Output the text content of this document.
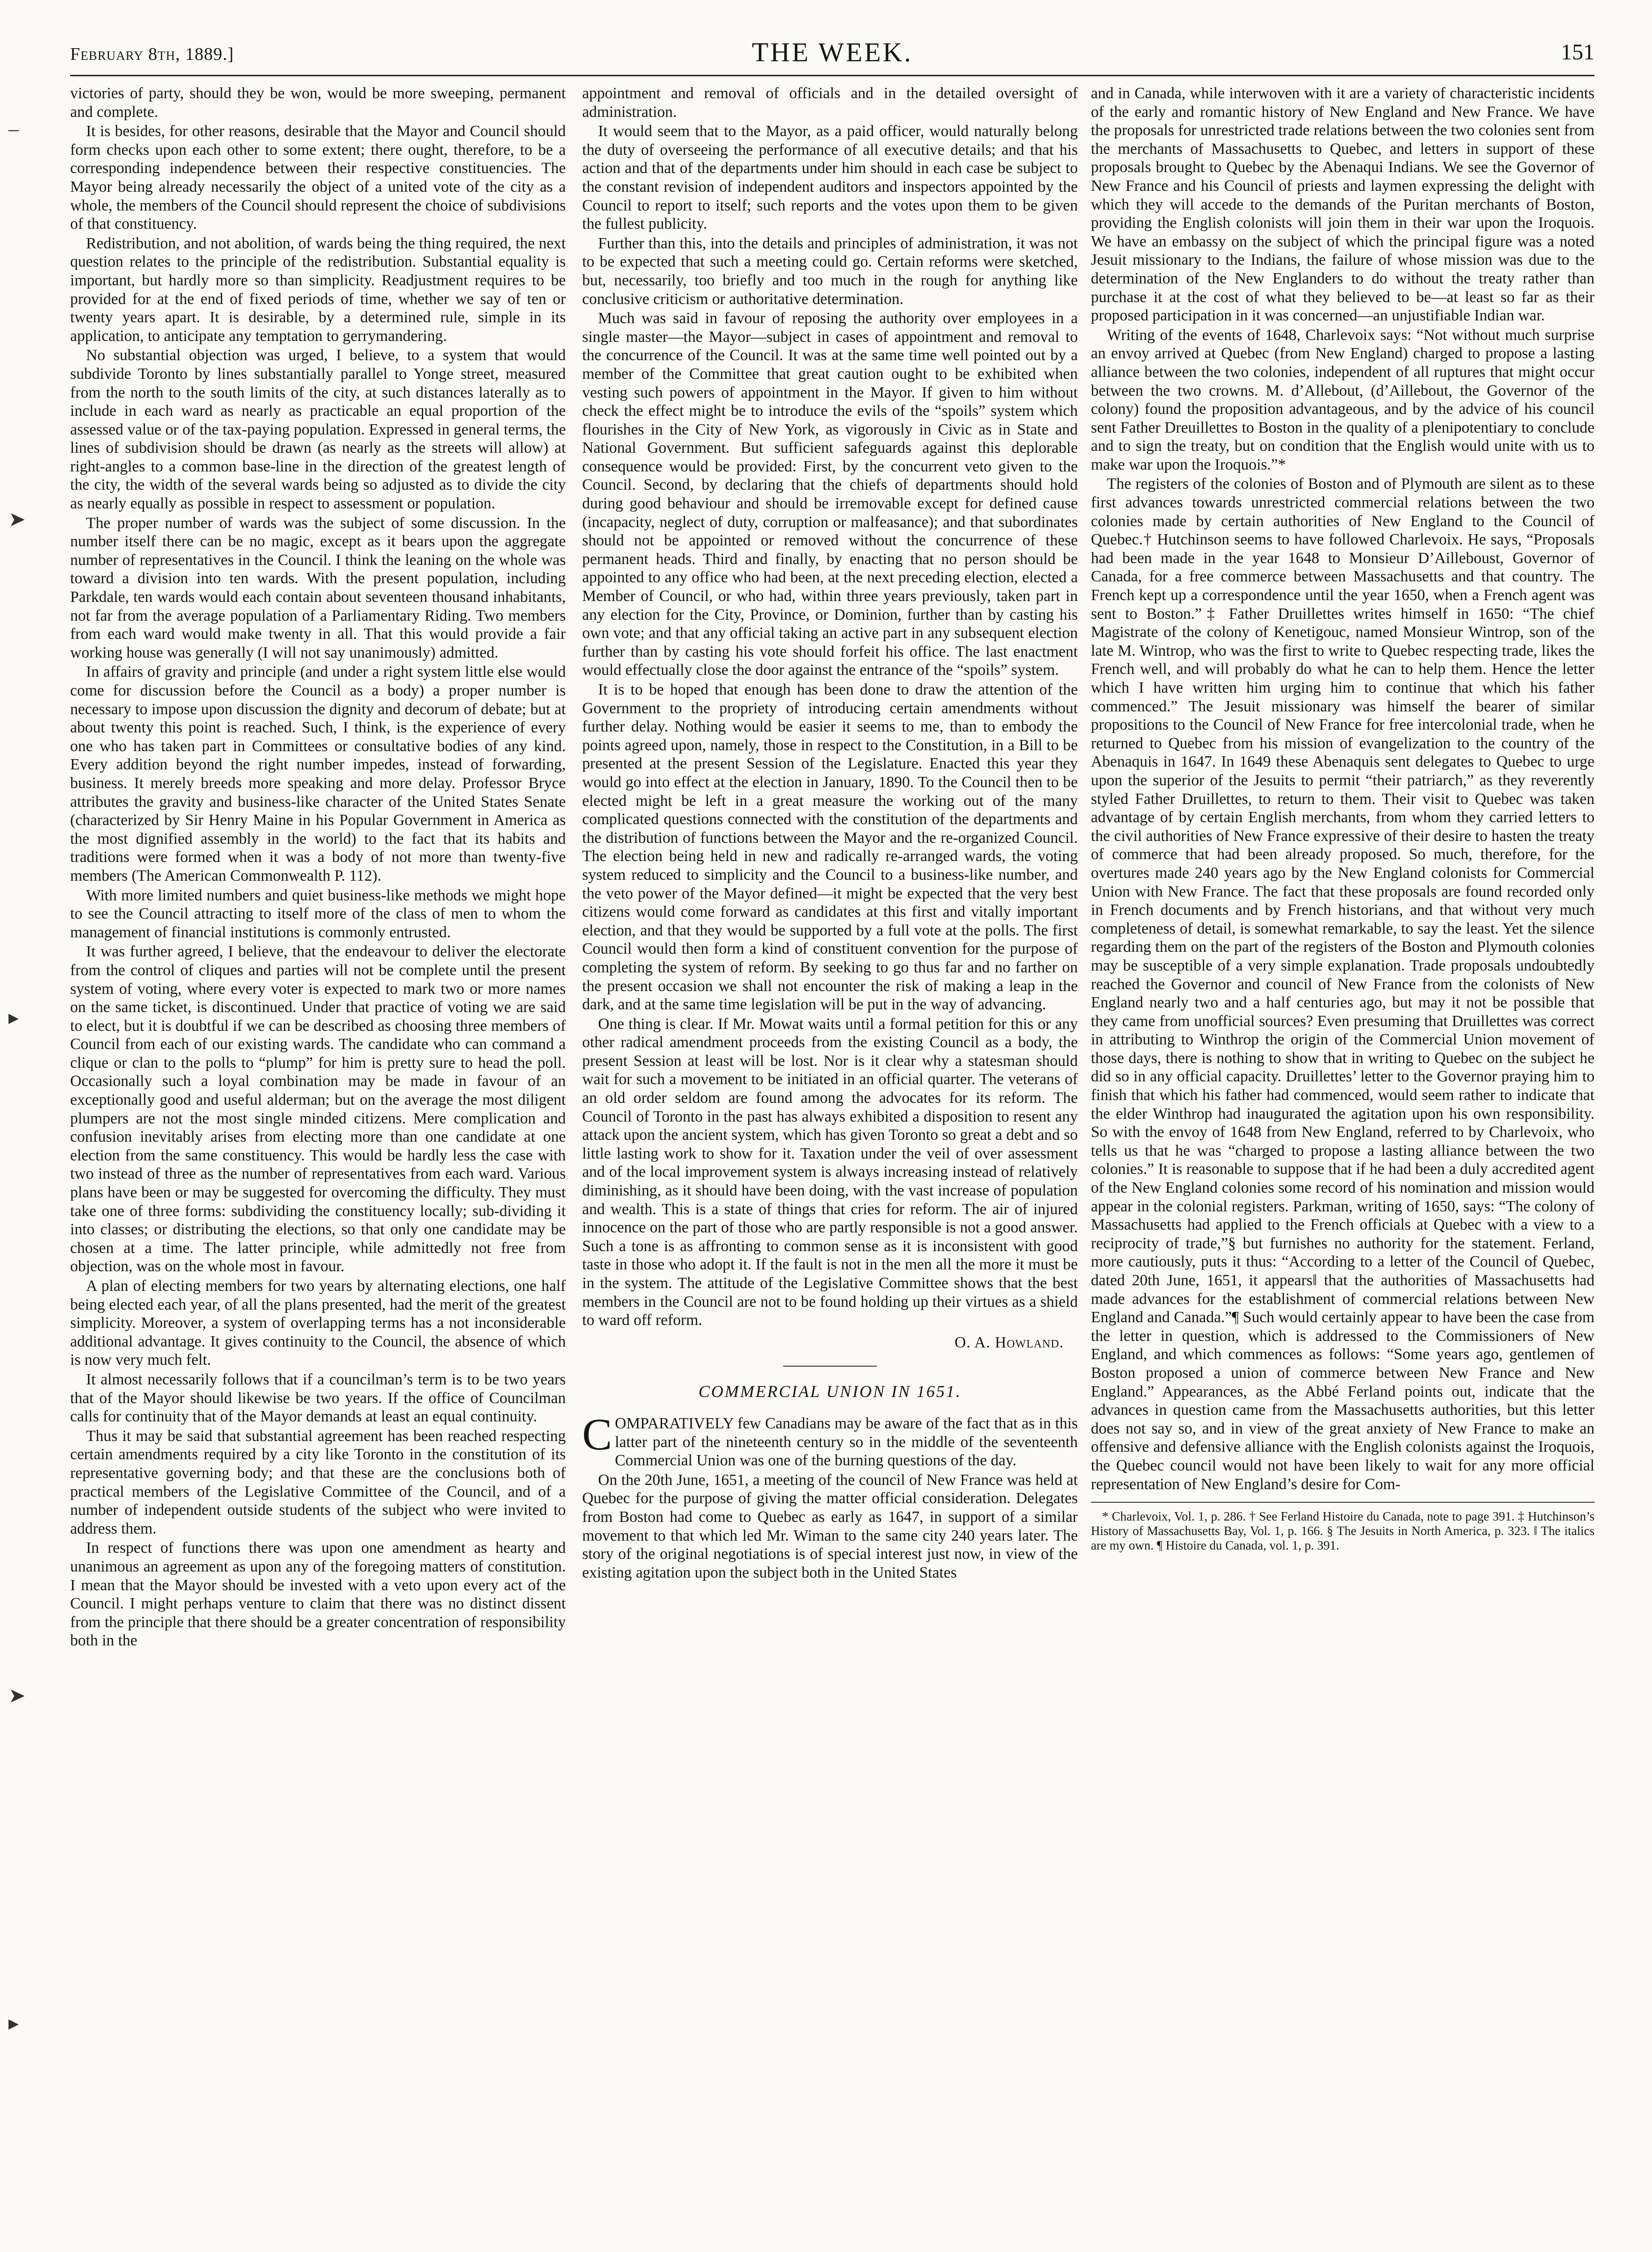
February 8th, 1889.]	THE WEEK.	151
–
➤
▸
➤
▸

victories of party, should they be won, would be more sweeping, permanent and complete.

It is besides, for other reasons, desirable that the Mayor and Council should form checks upon each other to some extent; there ought, therefore, to be a corresponding independence between their respective constituencies. The Mayor being already necessarily the object of a united vote of the city as a whole, the members of the Council should represent the choice of subdivisions of that constituency.

Redistribution, and not abolition, of wards being the thing required, the next question relates to the principle of the redistribution. Substantial equality is important, but hardly more so than simplicity. Readjustment requires to be provided for at the end of fixed periods of time, whether we say of ten or twenty years apart. It is desirable, by a determined rule, simple in its application, to anticipate any temptation to gerrymandering.

No substantial objection was urged, I believe, to a system that would subdivide Toronto by lines substantially parallel to Yonge street, measured from the north to the south limits of the city, at such distances laterally as to include in each ward as nearly as practicable an equal proportion of the assessed value or of the tax-paying population. Expressed in general terms, the lines of subdivision should be drawn (as nearly as the streets will allow) at right-angles to a common base-line in the direction of the greatest length of the city, the width of the several wards being so adjusted as to divide the city as nearly equally as possible in respect to assessment or population.

The proper number of wards was the subject of some discussion. In the number itself there can be no magic, except as it bears upon the aggregate number of representatives in the Council. I think the leaning on the whole was toward a division into ten wards. With the present population, including Parkdale, ten wards would each contain about seventeen thousand inhabitants, not far from the average population of a Parliamentary Riding. Two members from each ward would make twenty in all. That this would provide a fair working house was generally (I will not say unanimously) admitted.

In affairs of gravity and principle (and under a right system little else would come for discussion before the Council as a body) a proper number is necessary to impose upon discussion the dignity and decorum of debate; but at about twenty this point is reached. Such, I think, is the experience of every one who has taken part in Committees or consultative bodies of any kind. Every addition beyond the right number impedes, instead of forwarding, business. It merely breeds more speaking and more delay. Professor Bryce attributes the gravity and business-like character of the United States Senate (characterized by Sir Henry Maine in his Popular Government in America as the most dignified assembly in the world) to the fact that its habits and traditions were formed when it was a body of not more than twenty-five members (The American Commonwealth P. 112).

With more limited numbers and quiet business-like methods we might hope to see the Council attracting to itself more of the class of men to whom the management of financial institutions is commonly entrusted.

It was further agreed, I believe, that the endeavour to deliver the electorate from the control of cliques and parties will not be complete until the present system of voting, where every voter is expected to mark two or more names on the same ticket, is discontinued. Under that practice of voting we are said to elect, but it is doubtful if we can be described as choosing three members of Council from each of our existing wards. The candidate who can command a clique or clan to the polls to “plump” for him is pretty sure to head the poll. Occasionally such a loyal combination may be made in favour of an exceptionally good and useful alderman; but on the average the most diligent plumpers are not the most single minded citizens. Mere complication and confusion inevitably arises from electing more than one candidate at one election from the same constituency. This would be hardly less the case with two instead of three as the number of representatives from each ward. Various plans have been or may be suggested for overcoming the difficulty. They must take one of three forms: subdividing the constituency locally; sub-dividing it into classes; or distributing the elections, so that only one candidate may be chosen at a time. The latter principle, while admittedly not free from objection, was on the whole most in favour.

A plan of electing members for two years by alternating elections, one half being elected each year, of all the plans presented, had the merit of the greatest simplicity. Moreover, a system of overlapping terms has a not inconsiderable additional advantage. It gives continuity to the Council, the absence of which is now very much felt.

It almost necessarily follows that if a councilman’s term is to be two years that of the Mayor should likewise be two years. If the office of Councilman calls for continuity that of the Mayor demands at least an equal continuity.

Thus it may be said that substantial agreement has been reached respecting certain amendments required by a city like Toronto in the constitution of its representative governing body; and that these are the conclusions both of practical members of the Legislative Committee of the Council, and of a number of independent outside students of the subject who were invited to address them.

In respect of functions there was upon one amendment as hearty and unanimous an agreement as upon any of the foregoing matters of constitution. I mean that the Mayor should be invested with a veto upon every act of the Council. I might perhaps venture to claim that there was no distinct dissent from the principle that there should be a greater concentration of responsibility both in the

appointment and removal of officials and in the detailed oversight of administration.

It would seem that to the Mayor, as a paid officer, would naturally belong the duty of overseeing the performance of all executive details; and that his action and that of the departments under him should in each case be subject to the constant revision of independent auditors and inspectors appointed by the Council to report to itself; such reports and the votes upon them to be given the fullest publicity.

Further than this, into the details and principles of administration, it was not to be expected that such a meeting could go. Certain reforms were sketched, but, necessarily, too briefly and too much in the rough for anything like conclusive criticism or authoritative determination.

Much was said in favour of reposing the authority over employees in a single master—the Mayor—subject in cases of appointment and removal to the concurrence of the Council. It was at the same time well pointed out by a member of the Committee that great caution ought to be exhibited when vesting such powers of appointment in the Mayor. If given to him without check the effect might be to introduce the evils of the “spoils” system which flourishes in the City of New York, as vigorously in Civic as in State and National Government. But sufficient safeguards against this deplorable consequence would be provided: First, by the concurrent veto given to the Council. Second, by declaring that the chiefs of departments should hold during good behaviour and should be irremovable except for defined cause (incapacity, neglect of duty, corruption or malfeasance); and that subordinates should not be appointed or removed without the concurrence of these permanent heads. Third and finally, by enacting that no person should be appointed to any office who had been, at the next preceding election, elected a Member of Council, or who had, within three years previously, taken part in any election for the City, Province, or Dominion, further than by casting his own vote; and that any official taking an active part in any subsequent election further than by casting his vote should forfeit his office. The last enactment would effectually close the door against the entrance of the “spoils” system.

It is to be hoped that enough has been done to draw the attention of the Government to the propriety of introducing certain amendments without further delay. Nothing would be easier it seems to me, than to embody the points agreed upon, namely, those in respect to the Constitution, in a Bill to be presented at the present Session of the Legislature. Enacted this year they would go into effect at the election in January, 1890. To the Council then to be elected might be left in a great measure the working out of the many complicated questions connected with the constitution of the departments and the distribution of functions between the Mayor and the re-organized Council. The election being held in new and radically re-arranged wards, the voting system reduced to simplicity and the Council to a business-like number, and the veto power of the Mayor defined—it might be expected that the very best citizens would come forward as candidates at this first and vitally important election, and that they would be supported by a full vote at the polls. The first Council would then form a kind of constituent convention for the purpose of completing the system of reform. By seeking to go thus far and no farther on the present occasion we shall not encounter the risk of making a leap in the dark, and at the same time legislation will be put in the way of advancing.

One thing is clear. If Mr. Mowat waits until a formal petition for this or any other radical amendment proceeds from the existing Council as a body, the present Session at least will be lost. Nor is it clear why a statesman should wait for such a movement to be initiated in an official quarter. The veterans of an old order seldom are found among the advocates for its reform. The Council of Toronto in the past has always exhibited a disposition to resent any attack upon the ancient system, which has given Toronto so great a debt and so little lasting work to show for it. Taxation under the veil of over assessment and of the local improvement system is always increasing instead of relatively diminishing, as it should have been doing, with the vast increase of population and wealth. This is a state of things that cries for reform. The air of injured innocence on the part of those who are partly responsible is not a good answer. Such a tone is as affronting to common sense as it is inconsistent with good taste in those who adopt it. If the fault is not in the men all the more it must be in the system. The attitude of the Legislative Committee shows that the best members in the Council are not to be found holding up their virtues as a shield to ward off reform.

O. A. Howland.
COMMERCIAL UNION IN 1651.

COMPARATIVELY few Canadians may be aware of the fact that as in this latter part of the nineteenth century so in the middle of the seventeenth Commercial Union was one of the burning questions of the day.

On the 20th June, 1651, a meeting of the council of New France was held at Quebec for the purpose of giving the matter official consideration. Delegates from Boston had come to Quebec as early as 1647, in support of a similar movement to that which led Mr. Wiman to the same city 240 years later. The story of the original negotiations is of special interest just now, in view of the existing agitation upon the subject both in the United States

and in Canada, while interwoven with it are a variety of characteristic incidents of the early and romantic history of New England and New France. We have the proposals for unrestricted trade relations between the two colonies sent from the merchants of Massachusetts to Quebec, and letters in support of these proposals brought to Quebec by the Abenaqui Indians. We see the Governor of New France and his Council of priests and laymen expressing the delight with which they will accede to the demands of the Puritan merchants of Boston, providing the English colonists will join them in their war upon the Iroquois. We have an embassy on the subject of which the principal figure was a noted Jesuit missionary to the Indians, the failure of whose mission was due to the determination of the New Englanders to do without the treaty rather than purchase it at the cost of what they believed to be—at least so far as their proposed participation in it was concerned—an unjustifiable Indian war.

Writing of the events of 1648, Charlevoix says: “Not without much surprise an envoy arrived at Quebec (from New England) charged to propose a lasting alliance between the two colonies, independent of all ruptures that might occur between the two crowns. M. d’Allebout, (d’Aillebout, the Governor of the colony) found the proposition advantageous, and by the advice of his council sent Father Dreuillettes to Boston in the quality of a plenipotentiary to conclude and to sign the treaty, but on condition that the English would unite with us to make war upon the Iroquois.”*

The registers of the colonies of Boston and of Plymouth are silent as to these first advances towards unrestricted commercial relations between the two colonies made by certain authorities of New England to the Council of Quebec.† Hutchinson seems to have followed Charlevoix. He says, “Proposals had been made in the year 1648 to Monsieur D’Ailleboust, Governor of Canada, for a free commerce between Massachusetts and that country. The French kept up a correspondence until the year 1650, when a French agent was sent to Boston.”‡ Father Druillettes writes himself in 1650: “The chief Magistrate of the colony of Kenetigouc, named Monsieur Wintrop, son of the late M. Wintrop, who was the first to write to Quebec respecting trade, likes the French well, and will probably do what he can to help them. Hence the letter which I have written him urging him to continue that which his father commenced.” The Jesuit missionary was himself the bearer of similar propositions to the Council of New France for free intercolonial trade, when he returned to Quebec from his mission of evangelization to the country of the Abenaquis in 1647. In 1649 these Abenaquis sent delegates to Quebec to urge upon the superior of the Jesuits to permit “their patriarch,” as they reverently styled Father Druillettes, to return to them. Their visit to Quebec was taken advantage of by certain English merchants, from whom they carried letters to the civil authorities of New France expressive of their desire to hasten the treaty of commerce that had been already proposed. So much, therefore, for the overtures made 240 years ago by the New England colonists for Commercial Union with New France. The fact that these proposals are found recorded only in French documents and by French historians, and that without very much completeness of detail, is somewhat remarkable, to say the least. Yet the silence regarding them on the part of the registers of the Boston and Plymouth colonies may be susceptible of a very simple explanation. Trade proposals undoubtedly reached the Governor and council of New France from the colonists of New England nearly two and a half centuries ago, but may it not be possible that they came from unofficial sources? Even presuming that Druillettes was correct in attributing to Winthrop the origin of the Commercial Union movement of those days, there is nothing to show that in writing to Quebec on the subject he did so in any official capacity. Druillettes’ letter to the Governor praying him to finish that which his father had commenced, would seem rather to indicate that the elder Winthrop had inaugurated the agitation upon his own responsibility. So with the envoy of 1648 from New England, referred to by Charlevoix, who tells us that he was “charged to propose a lasting alliance between the two colonies.” It is reasonable to suppose that if he had been a duly accredited agent of the New England colonies some record of his nomination and mission would appear in the colonial registers. Parkman, writing of 1650, says: “The colony of Massachusetts had applied to the French officials at Quebec with a view to a reciprocity of trade,”§ but furnishes no authority for the statement. Ferland, more cautiously, puts it thus: “According to a letter of the Council of Quebec, dated 20th June, 1651, it appears‖ that the authorities of Massachusetts had made advances for the establishment of commercial relations between New England and Canada.”¶ Such would certainly appear to have been the case from the letter in question, which is addressed to the Commissioners of New England, and which commences as follows: “Some years ago, gentlemen of Boston proposed a union of commerce between New France and New England.” Appearances, as the Abbé Ferland points out, indicate that the advances in question came from the Massachusetts authorities, but this letter does not say so, and in view of the great anxiety of New France to make an offensive and defensive alliance with the English colonists against the Iroquois, the Quebec council would not have been likely to wait for any more official representation of New England’s desire for Com-

* Charlevoix, Vol. 1, p. 286. † See Ferland Histoire du Canada, note to page 391. ‡ Hutchinson’s History of Massachusetts Bay, Vol. 1, p. 166. § The Jesuits in North America, p. 323. ‖ The italics are my own. ¶ Histoire du Canada, vol. 1, p. 391.
